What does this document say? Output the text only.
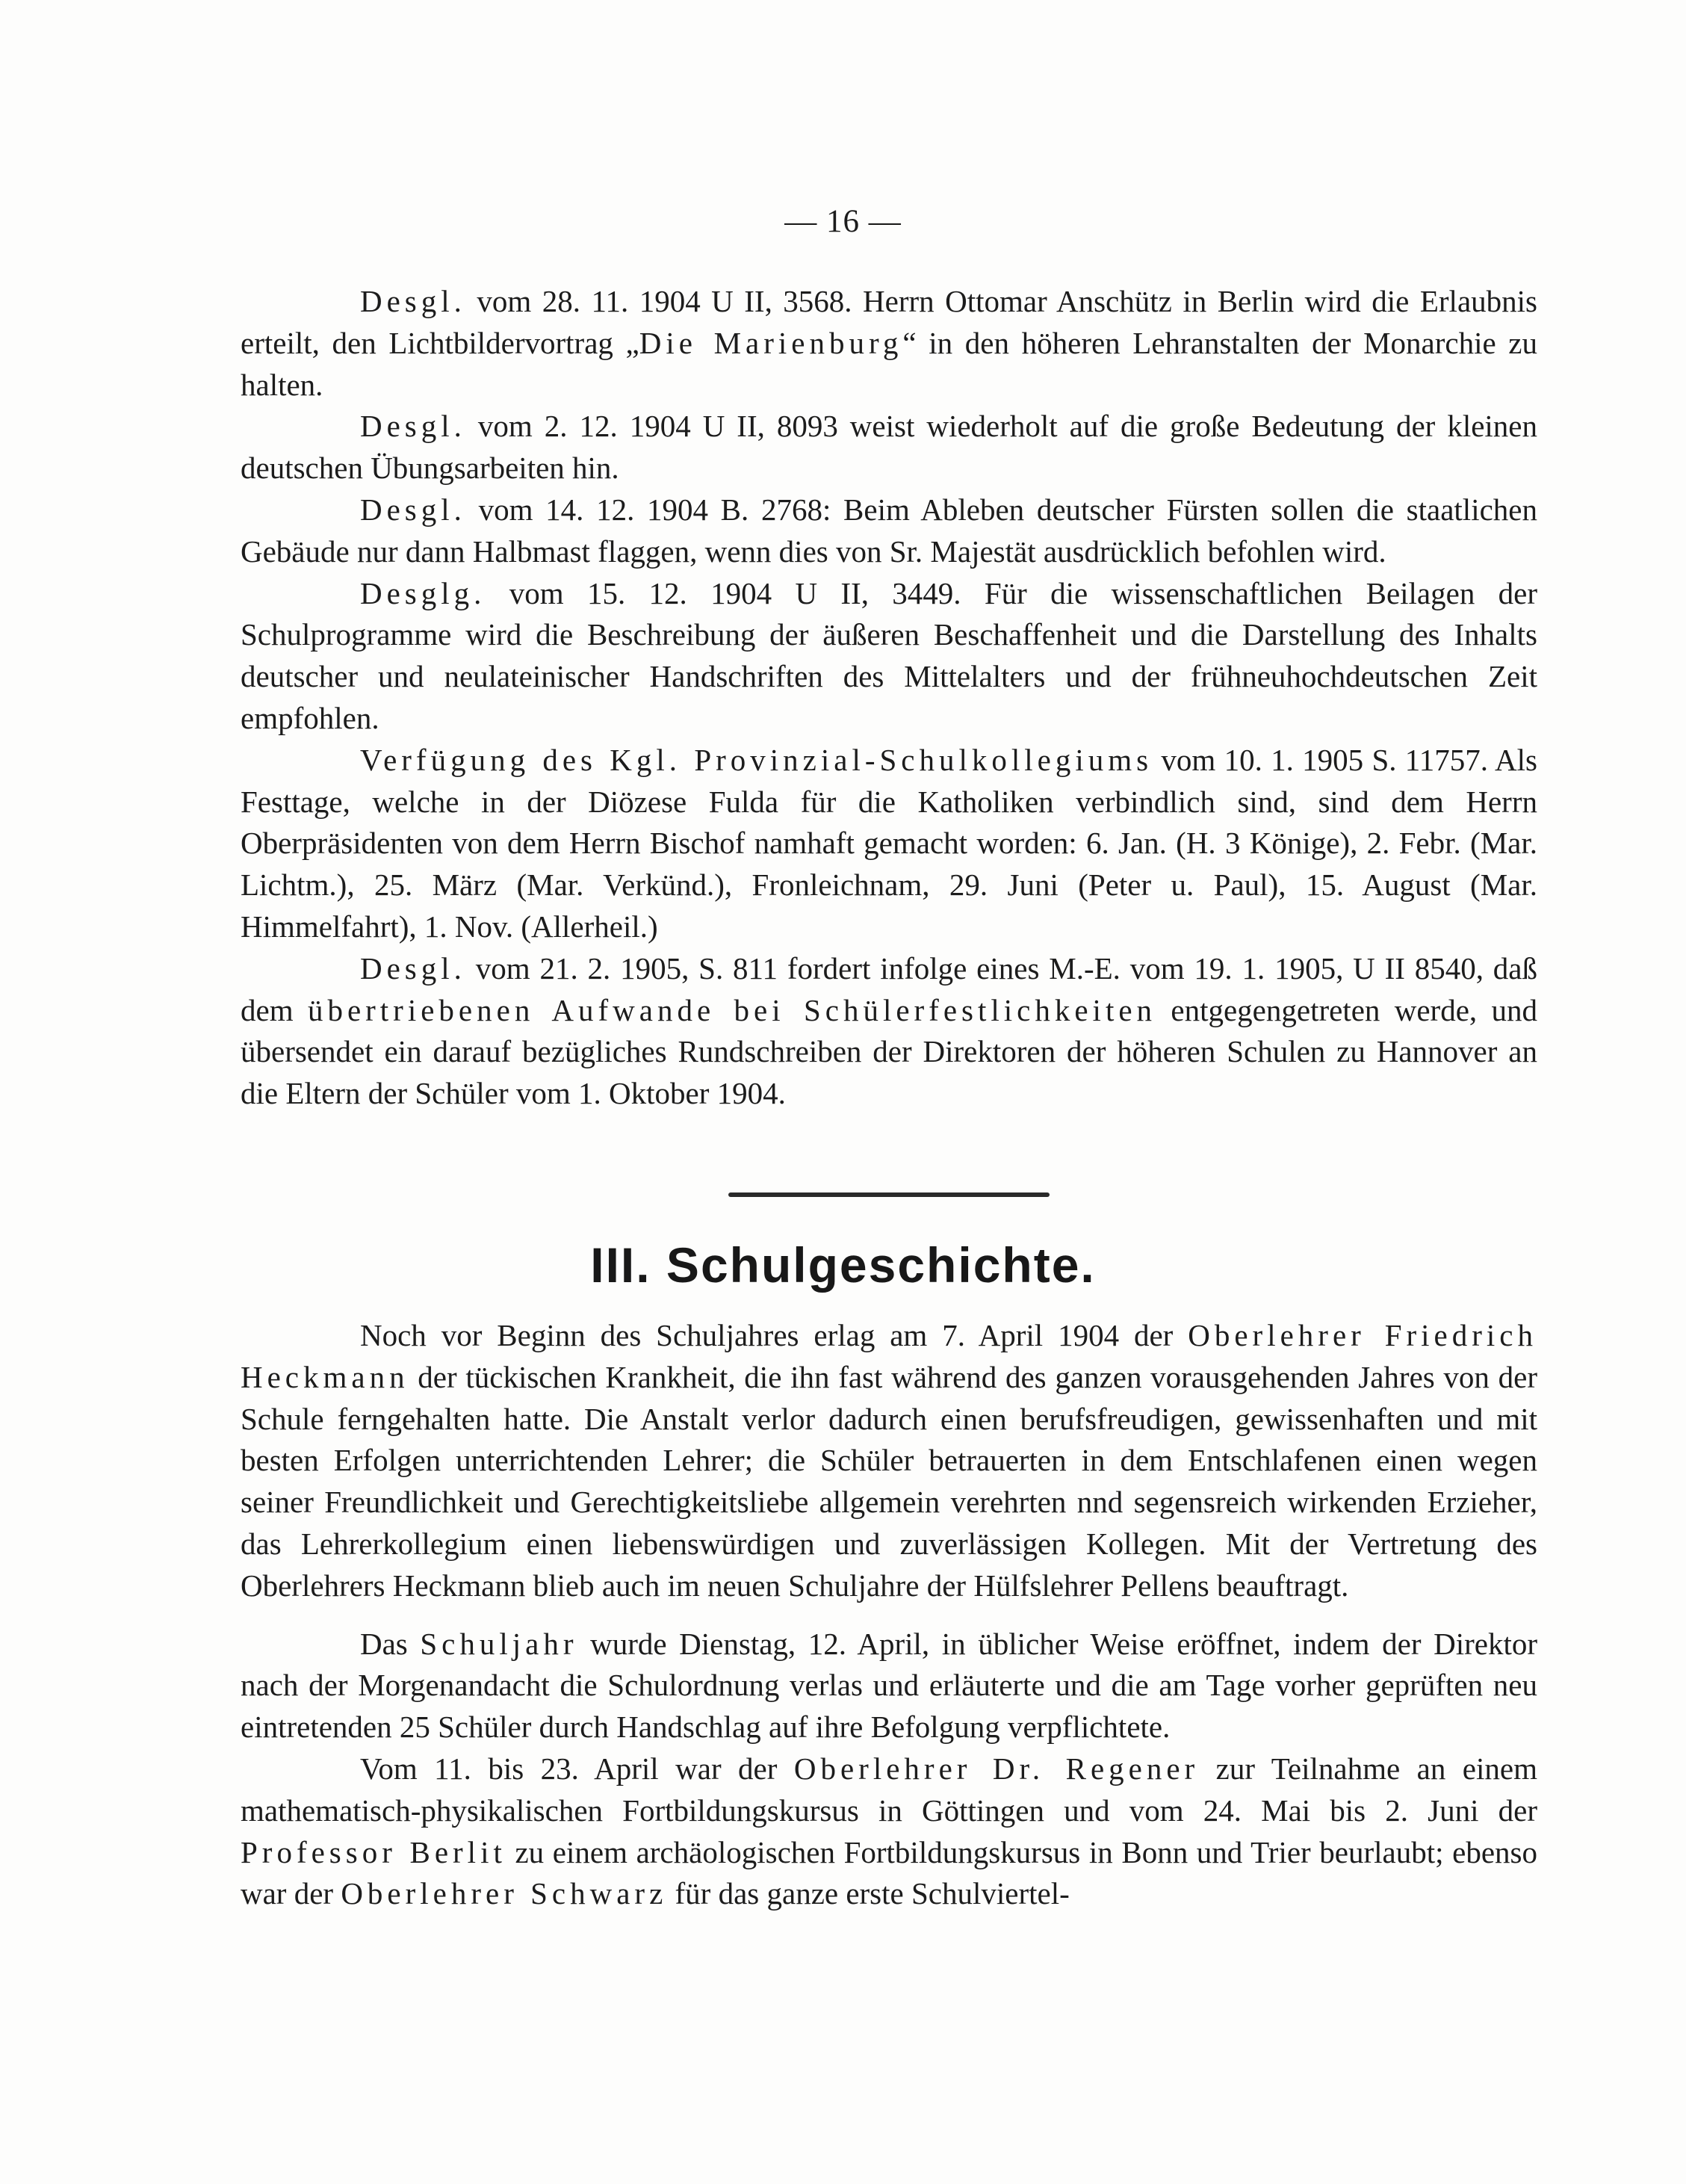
— 16 —

Desgl. vom 28. 11. 1904 U II, 3568. Herrn Ottomar Anschütz in Berlin wird die Erlaubnis erteilt, den Lichtbildervortrag „Die Marienburg“ in den höheren Lehranstalten der Monarchie zu halten.

Desgl. vom 2. 12. 1904 U II, 8093 weist wiederholt auf die große Bedeutung der kleinen deutschen Übungsarbeiten hin.

Desgl. vom 14. 12. 1904 B. 2768: Beim Ableben deutscher Fürsten sollen die staatlichen Gebäude nur dann Halbmast flaggen, wenn dies von Sr. Majestät ausdrücklich befohlen wird.

Desglg. vom 15. 12. 1904 U II, 3449. Für die wissenschaftlichen Beilagen der Schulprogramme wird die Beschreibung der äußeren Beschaffenheit und die Darstellung des Inhalts deutscher und neulateinischer Handschriften des Mittelalters und der frühneuhochdeutschen Zeit empfohlen.

Verfügung des Kgl. Provinzial-Schulkollegiums vom 10. 1. 1905 S. 11757. Als Festtage, welche in der Diözese Fulda für die Katholiken verbindlich sind, sind dem Herrn Oberpräsidenten von dem Herrn Bischof namhaft gemacht worden: 6. Jan. (H. 3 Könige), 2. Febr. (Mar. Lichtm.), 25. März (Mar. Verkünd.), Fronleichnam, 29. Juni (Peter u. Paul), 15. August (Mar. Himmelfahrt), 1. Nov. (Allerheil.)

Desgl. vom 21. 2. 1905, S. 811 fordert infolge eines M.-E. vom 19. 1. 1905, U II 8540, daß dem übertriebenen Aufwande bei Schülerfestlichkeiten entgegengetreten werde, und übersendet ein darauf bezügliches Rundschreiben der Direktoren der höheren Schulen zu Hannover an die Eltern der Schüler vom 1. Oktober 1904.

III. Schulgeschichte.

Noch vor Beginn des Schuljahres erlag am 7. April 1904 der Oberlehrer Friedrich Heckmann der tückischen Krankheit, die ihn fast während des ganzen vorausgehenden Jahres von der Schule ferngehalten hatte. Die Anstalt verlor dadurch einen berufsfreudigen, gewissenhaften und mit besten Erfolgen unterrichtenden Lehrer; die Schüler betrauerten in dem Entschlafenen einen wegen seiner Freundlichkeit und Gerechtigkeitsliebe allgemein verehrten nnd segensreich wirkenden Erzieher, das Lehrerkollegium einen liebenswürdigen und zuverlässigen Kollegen. Mit der Vertretung des Oberlehrers Heckmann blieb auch im neuen Schuljahre der Hülfslehrer Pellens beauftragt.

Das Schuljahr wurde Dienstag, 12. April, in üblicher Weise eröffnet, indem der Direktor nach der Morgenandacht die Schulordnung verlas und erläuterte und die am Tage vorher geprüften neu eintretenden 25 Schüler durch Handschlag auf ihre Befolgung verpflichtete.

Vom 11. bis 23. April war der Oberlehrer Dr. Regener zur Teilnahme an einem mathematisch-physikalischen Fortbildungskursus in Göttingen und vom 24. Mai bis 2. Juni der Professor Berlit zu einem archäologischen Fortbildungskursus in Bonn und Trier beurlaubt; ebenso war der Oberlehrer Schwarz für das ganze erste Schulviertel-
